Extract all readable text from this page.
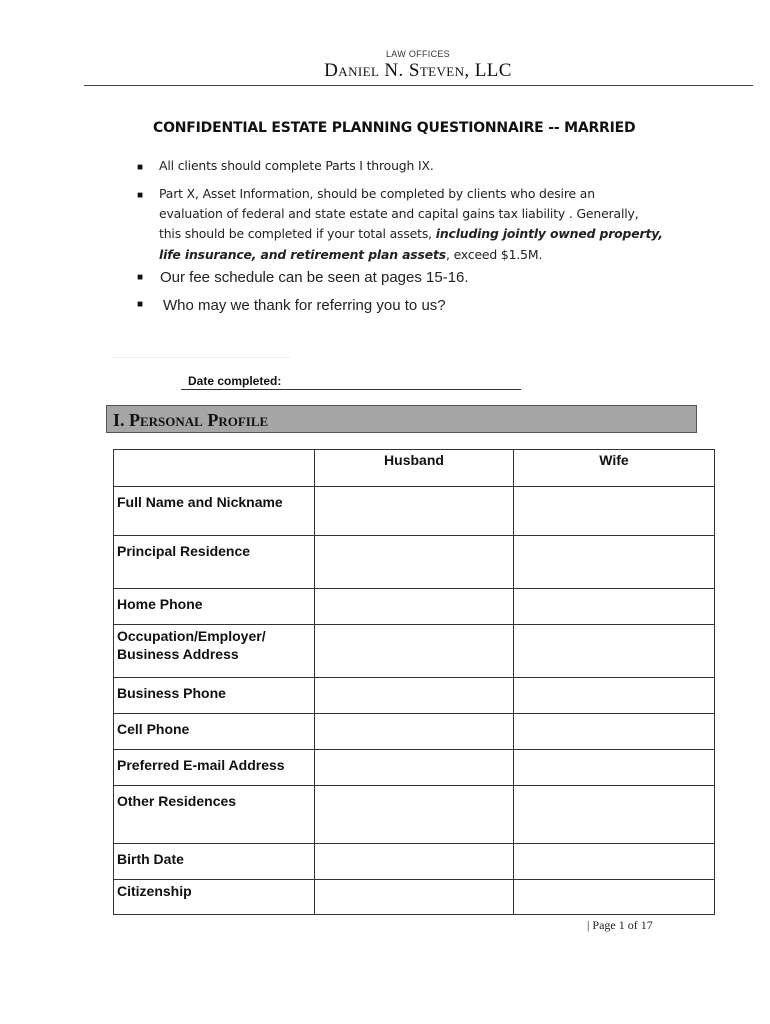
LAW OFFICES
Daniel N. Steven, LLC
CONFIDENTIAL ESTATE PLANNING QUESTIONNAIRE -- MARRIED
■ All clients should complete Parts I through IX.
■ Part X, Asset Information, should be completed by clients who desire an
evaluation of federal and state estate and capital gains tax liability . Generally,
this should be completed if your total assets, including jointly owned property,
life insurance, and retirement plan assets, exceed $1.5M.
■ Our fee schedule can be seen at pages 15-16.
■ Who may we thank for referring you to us?
Date completed:
I. Personal Profile
	Husband	Wife
Full Name and Nickname		
Principal Residence		
Home Phone		
Occupation/Employer/ Business Address		
Business Phone		
Cell Phone		
Preferred E-mail Address		
Other Residences		
Birth Date		
Citizenship		
| Page 1 of 17
